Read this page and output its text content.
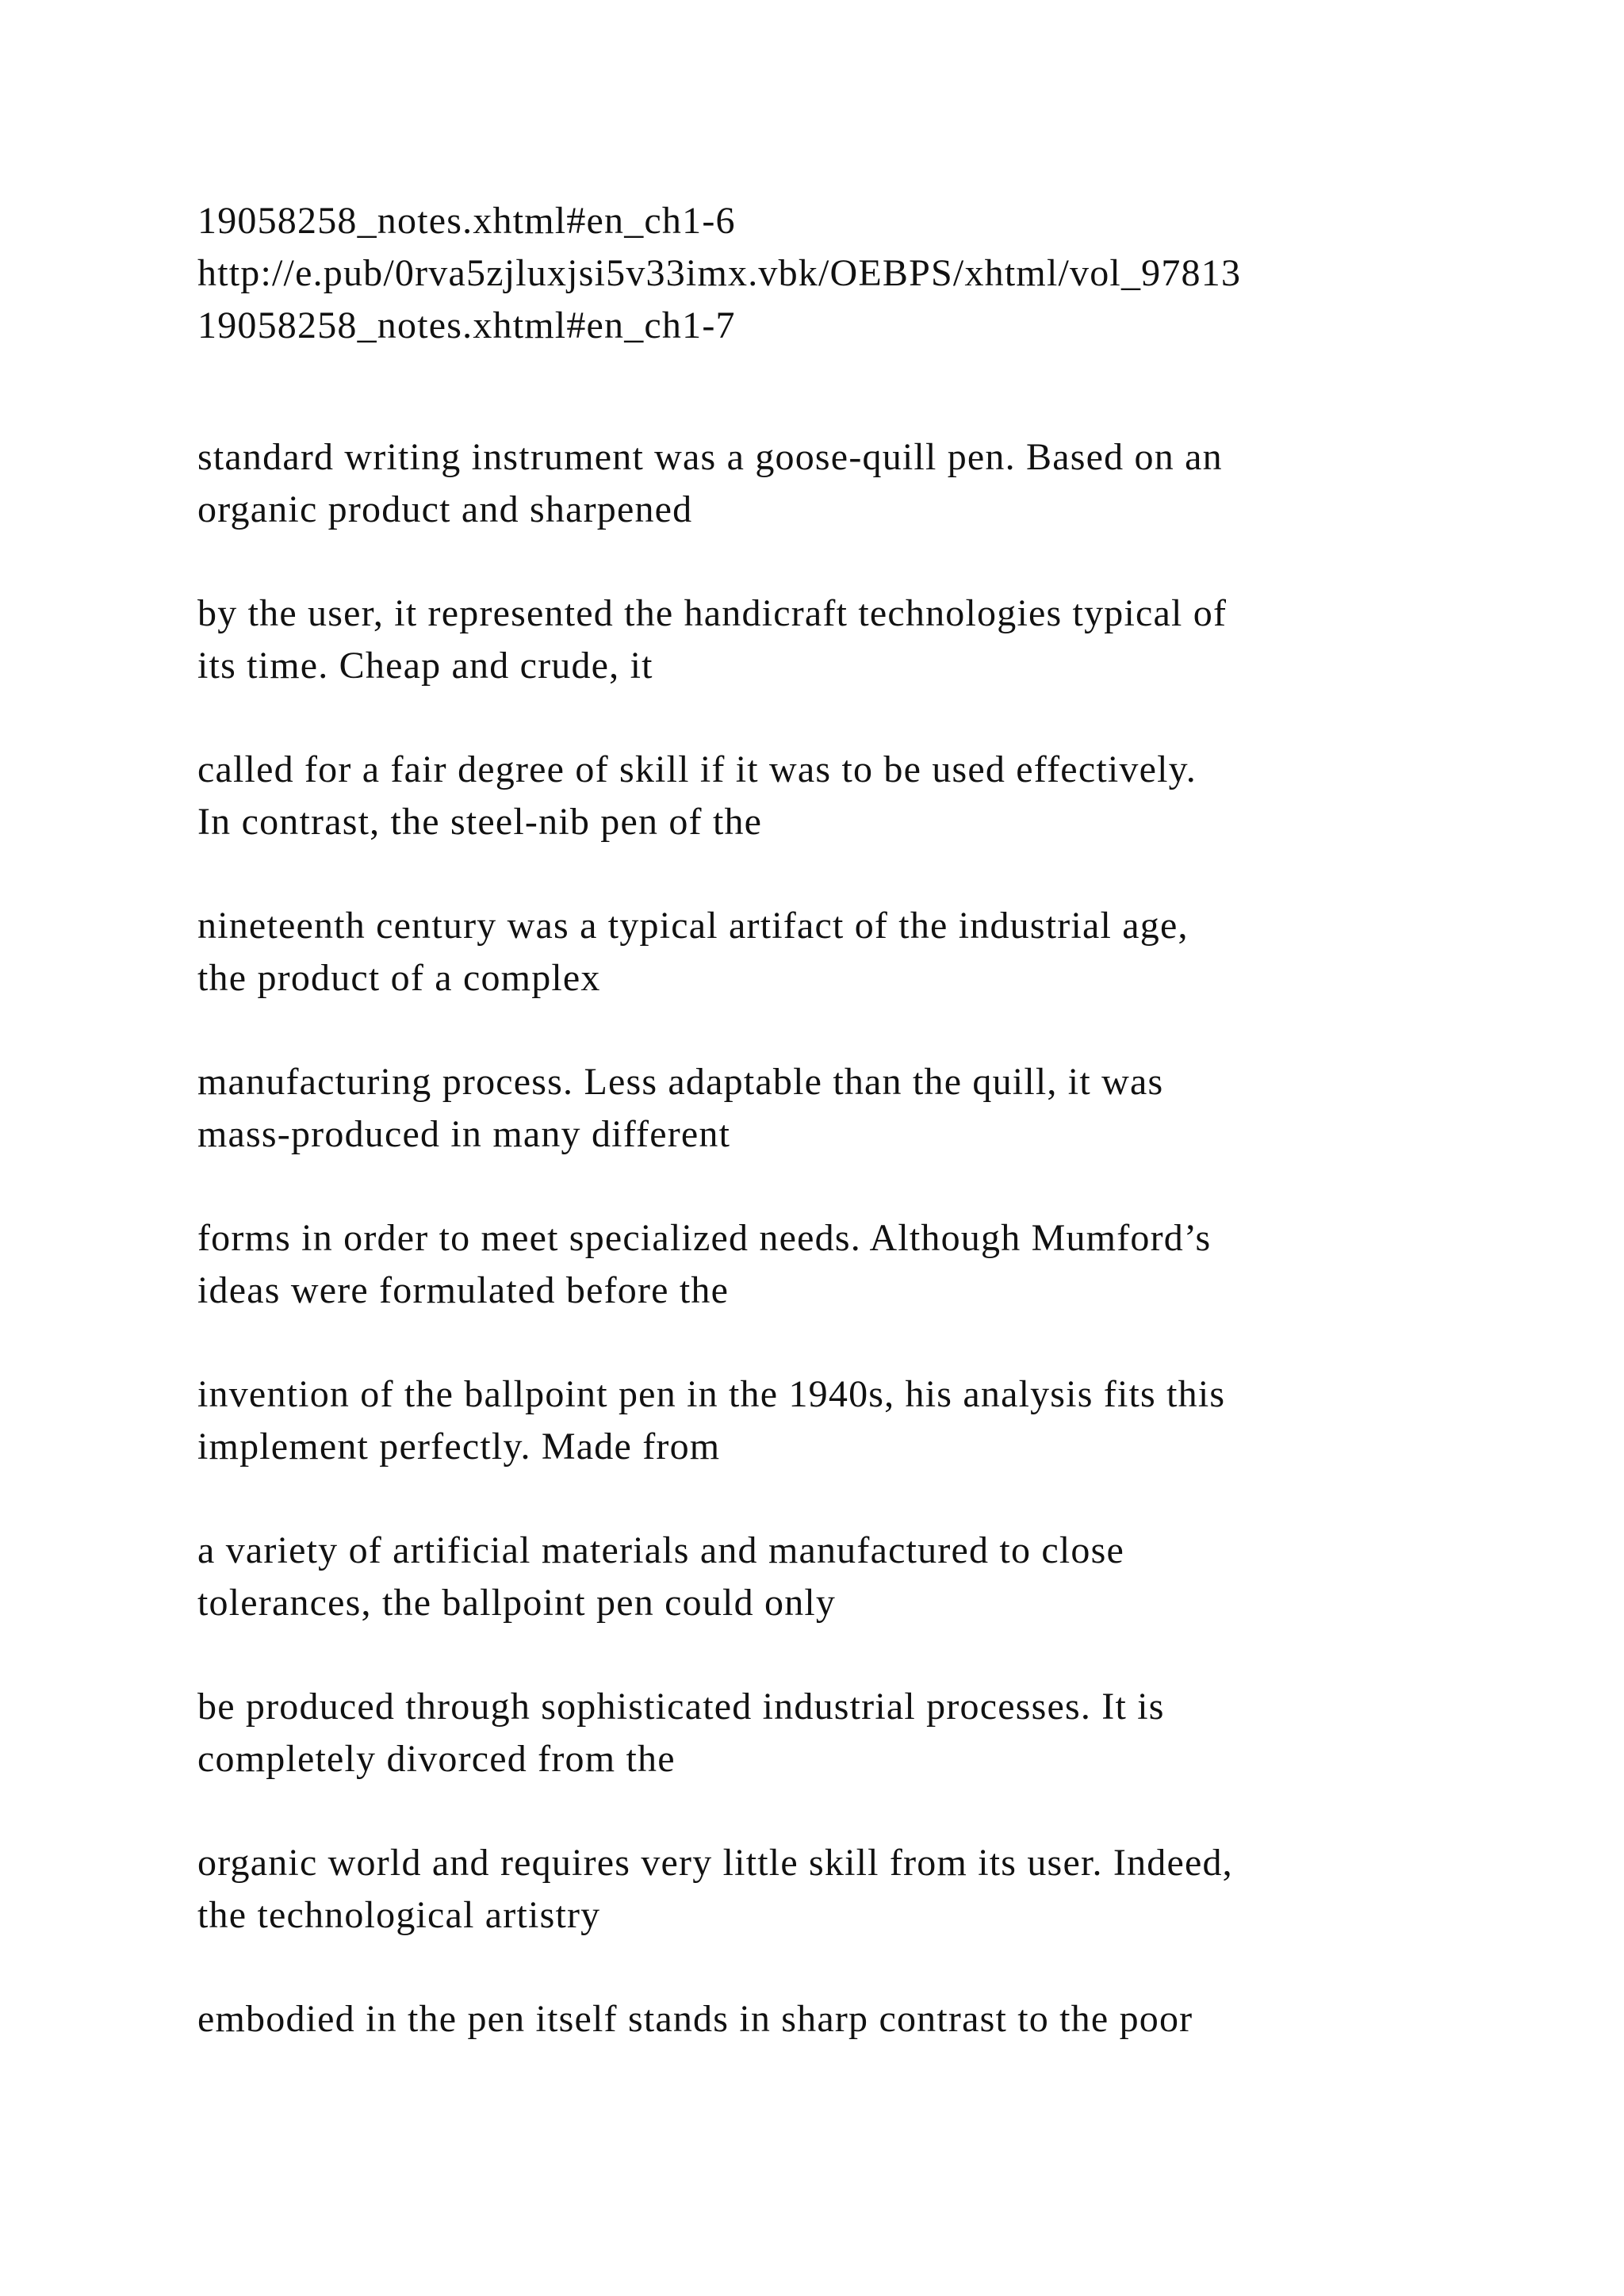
19058258_notes.xhtml#en_ch1-6
http://e.pub/0rva5zjluxjsi5v33imx.vbk/OEBPS/xhtml/vol_97813
19058258_notes.xhtml#en_ch1-7
standard writing instrument was a goose-quill pen. Based on an
organic product and sharpened
by the user, it represented the handicraft technologies typical of
its time. Cheap and crude, it
called for a fair degree of skill if it was to be used effectively.
In contrast, the steel-nib pen of the
nineteenth century was a typical artifact of the industrial age,
the product of a complex
manufacturing process. Less adaptable than the quill, it was
mass-produced in many different
forms in order to meet specialized needs. Although Mumford’s
ideas were formulated before the
invention of the ballpoint pen in the 1940s, his analysis fits this
implement perfectly. Made from
a variety of artificial materials and manufactured to close
tolerances, the ballpoint pen could only
be produced through sophisticated industrial processes. It is
completely divorced from the
organic world and requires very little skill from its user. Indeed,
the technological artistry
embodied in the pen itself stands in sharp contrast to the poor
